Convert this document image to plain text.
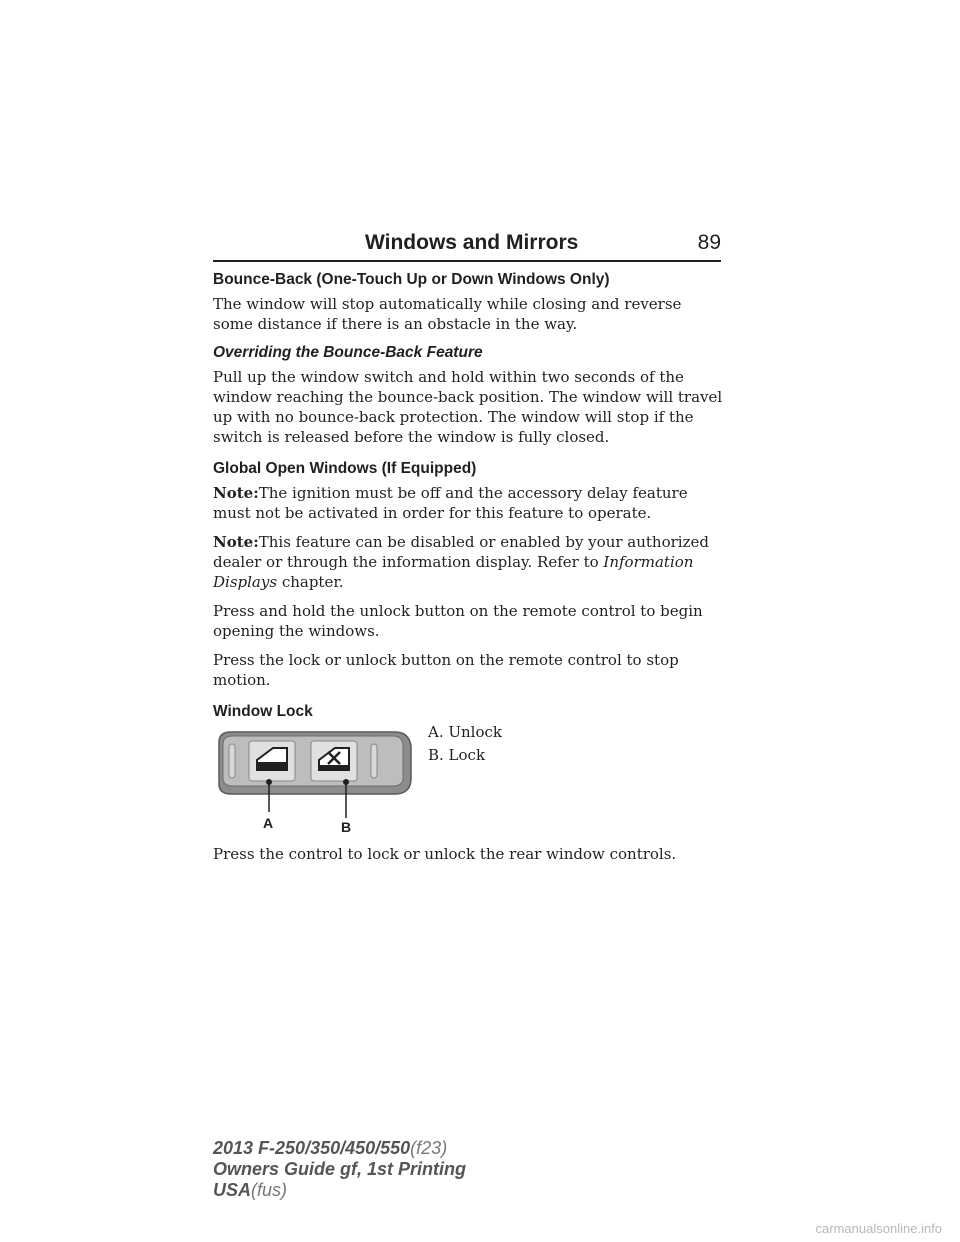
Windows and Mirrors	89
Bounce-Back (One-Touch Up or Down Windows Only)

The window will stop automatically while closing and reverse some distance if there is an obstacle in the way.

Overriding the Bounce-Back Feature

Pull up the window switch and hold within two seconds of the window reaching the bounce-back position. The window will travel up with no bounce-back protection. The window will stop if the switch is released before the window is fully closed.

Global Open Windows (If Equipped)

Note:The ignition must be off and the accessory delay feature must not be activated in order for this feature to operate.

Note:This feature can be disabled or enabled by your authorized dealer or through the information display. Refer to Information Displays chapter.

Press and hold the unlock button on the remote control to begin opening the windows.

Press the lock or unlock button on the remote control to stop motion.

Window Lock
A	B

A. Unlock

B. Lock

Press the control to lock or unlock the rear window controls.

2013 F-250/350/450/550(f23)
Owners Guide gf, 1st Printing
USA(fus)
carmanualsonline.info
